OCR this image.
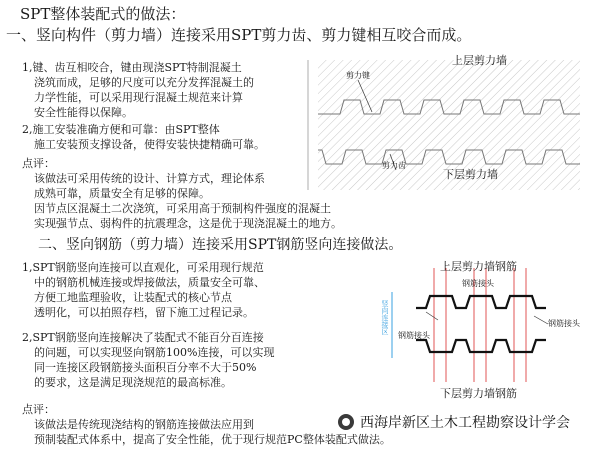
SPT整体装配式的做法：
一、竖向构件（剪力墙）连接采用SPT剪力齿、剪力键相互咬合而成。
1,键、齿互相咬合，键由现浇SPT特制混凝土
浇筑而成，足够的尺度可以充分发挥混凝土的
力学性能，可以采用现行混凝土规范来计算
安全性能得以保障。
2,施工安装准确方便和可靠：由SPT整体
施工安装预支撑设备，使得安装快捷精确可靠。
点评：
该做法可采用传统的设计、计算方式，理论体系
成熟可靠，质量安全有足够的保障。
因节点区混凝土二次浇筑，可采用高于预制构件强度的混凝土
实现强节点、弱构件的抗震理念，这是优于现浇混凝土的地方。
上层剪力墙
下层剪力墙
剪力键
剪力齿
二、竖向钢筋（剪力墙）连接采用SPT钢筋竖向连接做法。
1,SPT钢筋竖向连接可以直观化，可采用现行规范
中的钢筋机械连接或焊接做法，质量安全可靠、
方便工地监理验收，让装配式的核心节点
透明化，可以拍照存档，留下施工过程记录。
2,SPT钢筋竖向连接解决了装配式不能百分百连接
的问题，可以实现竖向钢筋100%连接，可以实现
同一连接区段钢筋接头面积百分率不大于50%
的要求，这是满足现浇规范的最高标准。
点评：
该做法是传统现浇结构的钢筋连接做法应用到
预制装配式体系中，提高了安全性能，优于现行规范PC整体装配式做法。
上层剪力墙钢筋
下层剪力墙钢筋
钢筋接头
钢筋接头
钢筋接头
竖向连接区
西海岸新区土木工程勘察设计学会
